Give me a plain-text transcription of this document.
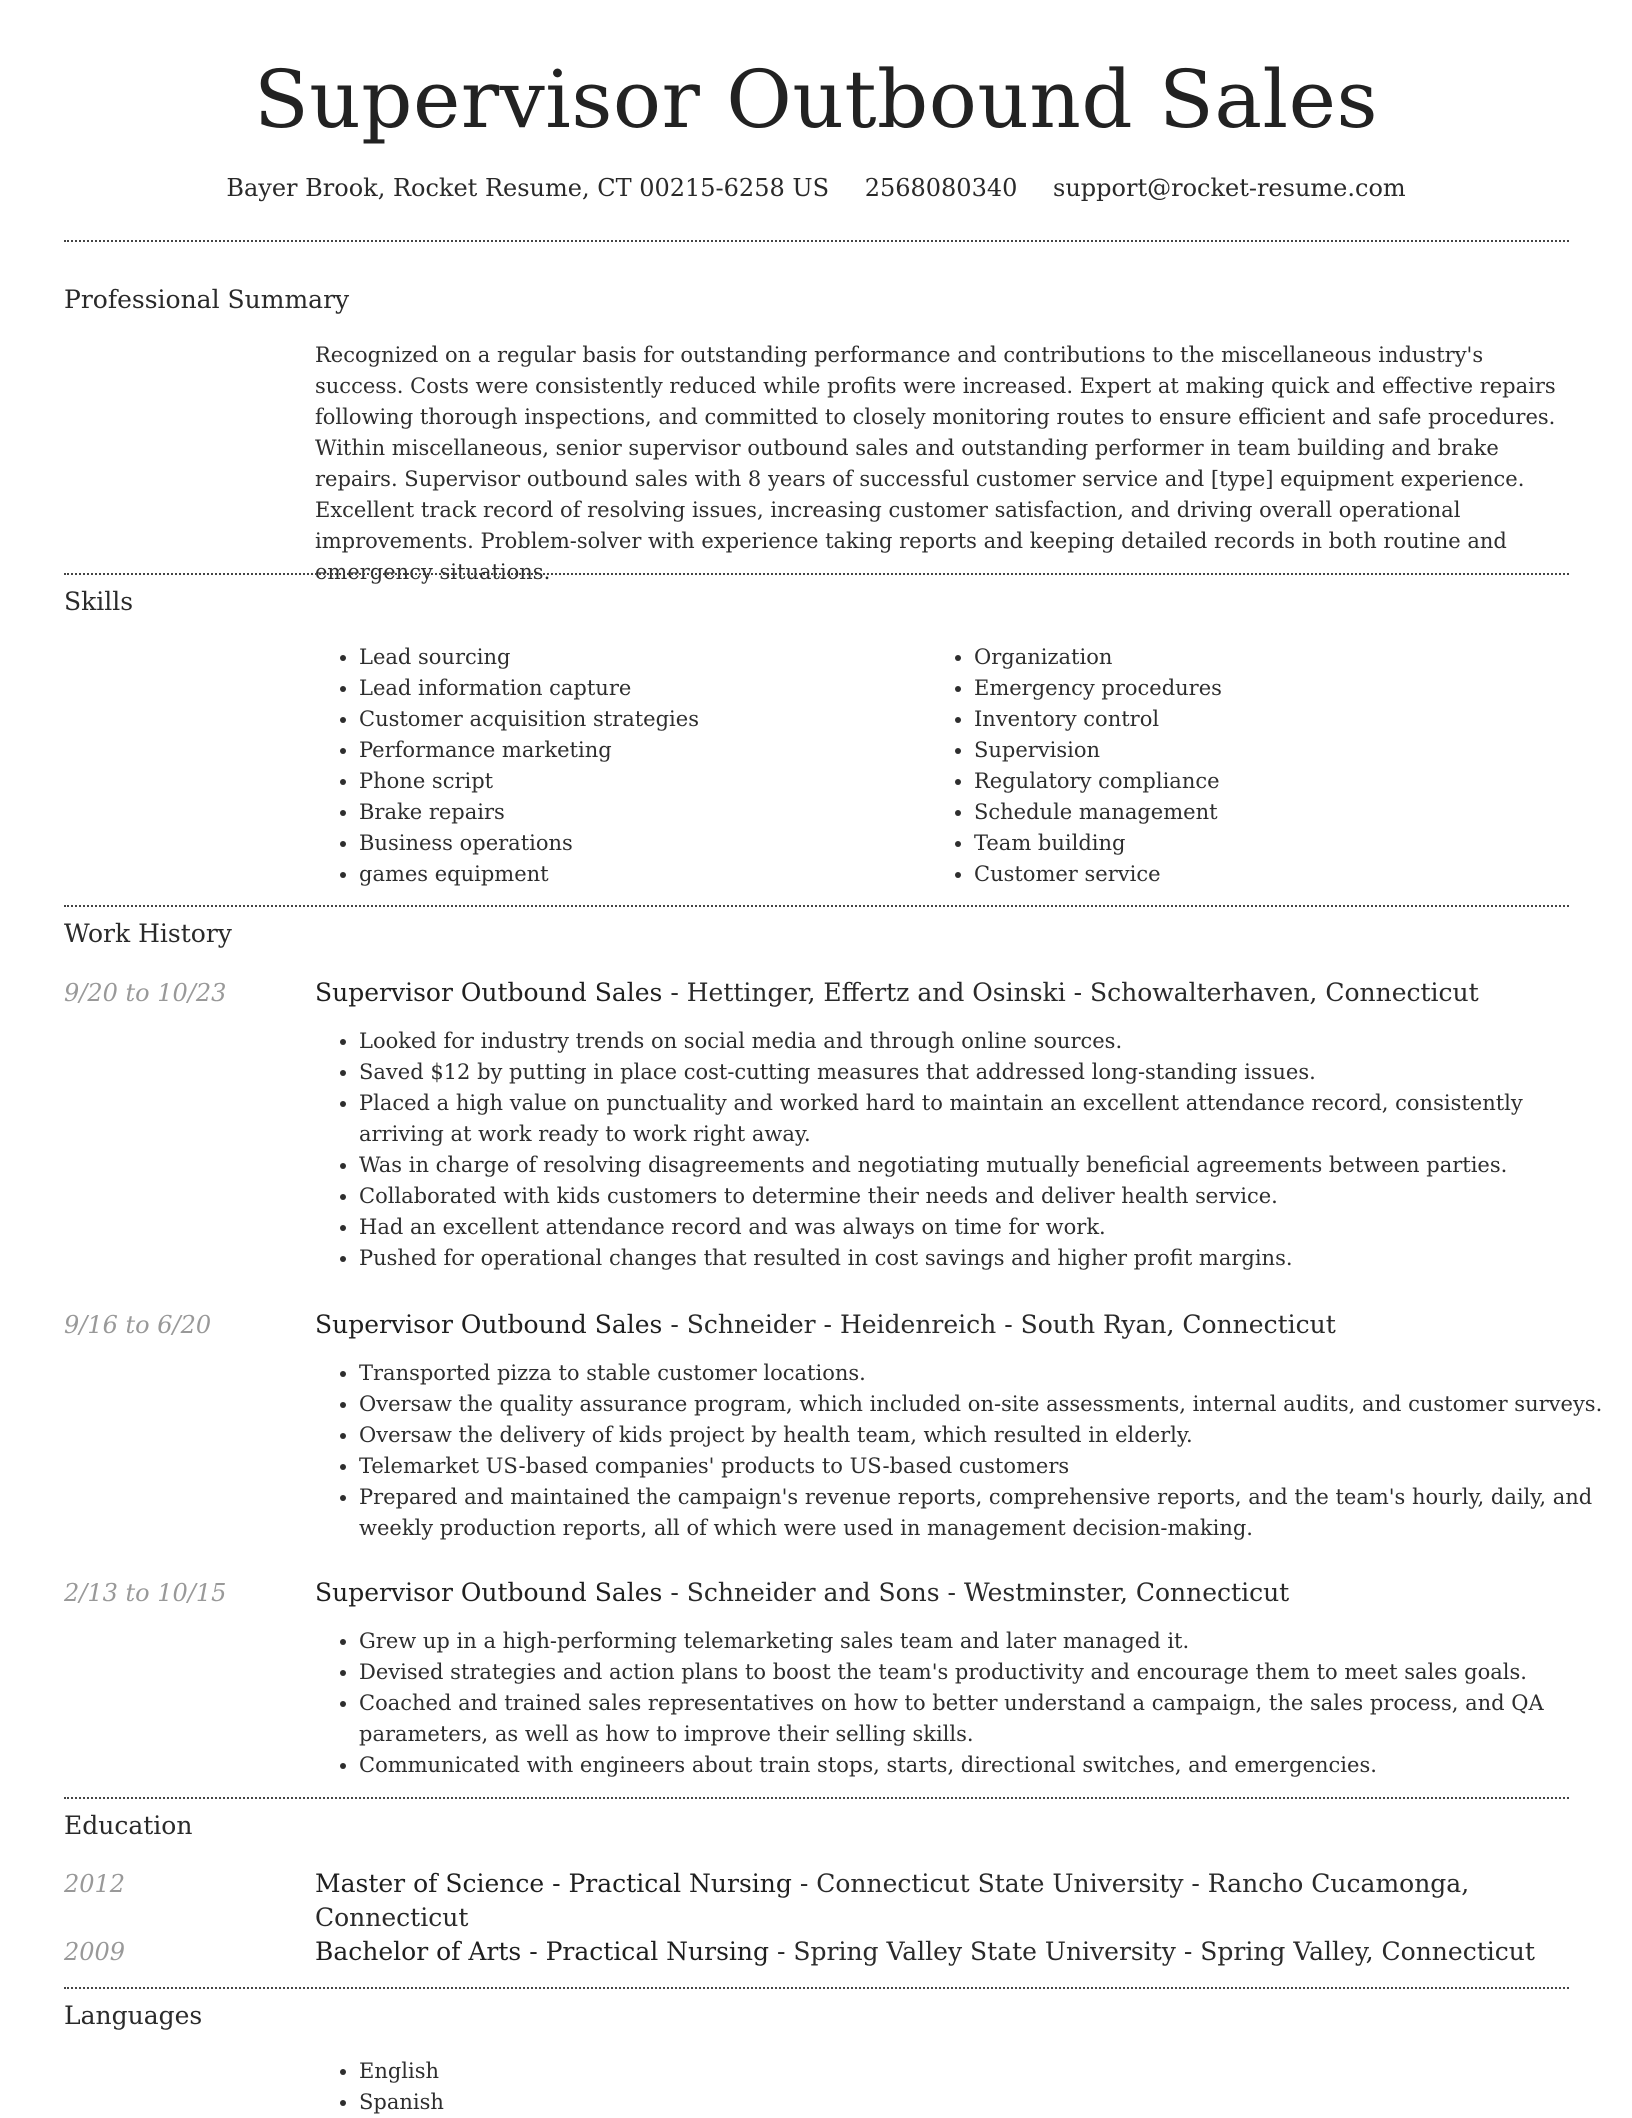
Supervisor Outbound Sales
Bayer Brook, Rocket Resume, CT 00215-6258 US 2568080340 support@rocket-resume.com
Professional Summary

Recognized on a regular basis for outstanding performance and contributions to the miscellaneous industry's success. Costs were consistently reduced while profits were increased. Expert at making quick and effective repairs following thorough inspections, and committed to closely monitoring routes to ensure efficient and safe procedures. Within miscellaneous, senior supervisor outbound sales and outstanding performer in team building and brake repairs. Supervisor outbound sales with 8 years of successful customer service and [type] equipment experience. Excellent track record of resolving issues, increasing customer satisfaction, and driving overall operational improvements. Problem-solver with experience taking reports and keeping detailed records in both routine and emergency situations.

Skills
• Lead sourcing
• Lead information capture
• Customer acquisition strategies
• Performance marketing
• Phone script
• Brake repairs
• Business operations
• games equipment
• Organization
• Emergency procedures
• Inventory control
• Supervision
• Regulatory compliance
• Schedule management
• Team building
• Customer service
Work History
9/20 to 10/23	Supervisor Outbound Sales - Hettinger, Effertz and Osinski - Schowalterhaven, Connecticut
• Looked for industry trends on social media and through online sources.
• Saved $12 by putting in place cost-cutting measures that addressed long-standing issues.
• Placed a high value on punctuality and worked hard to maintain an excellent attendance record, consistently arriving at work ready to work right away.
• Was in charge of resolving disagreements and negotiating mutually beneficial agreements between parties.
• Collaborated with kids customers to determine their needs and deliver health service.
• Had an excellent attendance record and was always on time for work.
• Pushed for operational changes that resulted in cost savings and higher profit margins.
9/16 to 6/20	Supervisor Outbound Sales - Schneider - Heidenreich - South Ryan, Connecticut
• Transported pizza to stable customer locations.
• Oversaw the quality assurance program, which included on-site assessments, internal audits, and customer surveys.
• Oversaw the delivery of kids project by health team, which resulted in elderly.
• Telemarket US-based companies' products to US-based customers
• Prepared and maintained the campaign's revenue reports, comprehensive reports, and the team's hourly, daily, and weekly production reports, all of which were used in management decision-making.
2/13 to 10/15	Supervisor Outbound Sales - Schneider and Sons - Westminster, Connecticut
• Grew up in a high-performing telemarketing sales team and later managed it.
• Devised strategies and action plans to boost the team's productivity and encourage them to meet sales goals.
• Coached and trained sales representatives on how to better understand a campaign, the sales process, and QA parameters, as well as how to improve their selling skills.
• Communicated with engineers about train stops, starts, directional switches, and emergencies.
Education
2012	Master of Science - Practical Nursing - Connecticut State University - Rancho Cucamonga, Connecticut
2009	Bachelor of Arts - Practical Nursing - Spring Valley State University - Spring Valley, Connecticut
Languages
• English
• Spanish
